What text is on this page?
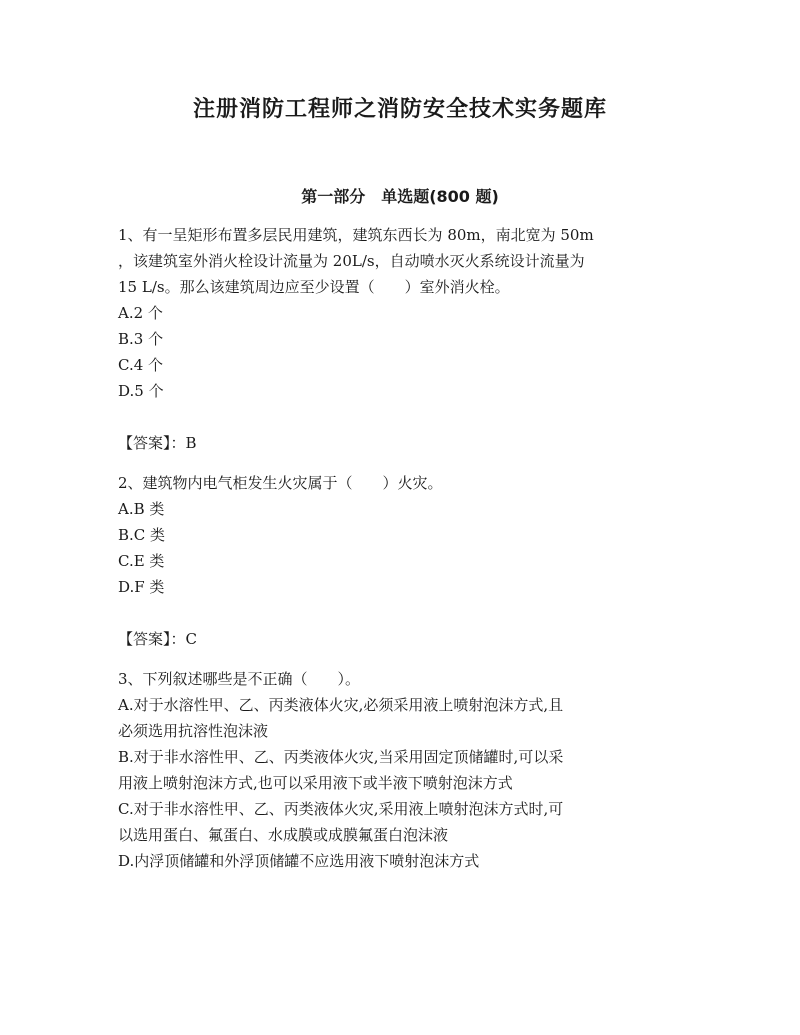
注册消防工程师之消防安全技术实务题库
第一部分　单选题(800 题)
1、有一呈矩形布置多层民用建筑，建筑东西长为 80m，南北宽为 50m
，该建筑室外消火栓设计流量为 20L/s，自动喷水灭火系统设计流量为
15 L/s。那么该建筑周边应至少设置（　　）室外消火栓。
A.2 个
B.3 个
C.4 个
D.5 个
【答案】：B
2、建筑物内电气柜发生火灾属于（　　）火灾。
A.B 类
B.C 类
C.E 类
D.F 类
【答案】：C
3、下列叙述哪些是不正确（　　）。
A.对于水溶性甲、乙、丙类液体火灾,必须采用液上喷射泡沫方式,且
必须选用抗溶性泡沫液
B.对于非水溶性甲、乙、丙类液体火灾,当采用固定顶储罐时,可以采
用液上喷射泡沫方式,也可以采用液下或半液下喷射泡沫方式
C.对于非水溶性甲、乙、丙类液体火灾,采用液上喷射泡沫方式时,可
以选用蛋白、氟蛋白、水成膜或成膜氟蛋白泡沫液
D.内浮顶储罐和外浮顶储罐不应选用液下喷射泡沫方式
